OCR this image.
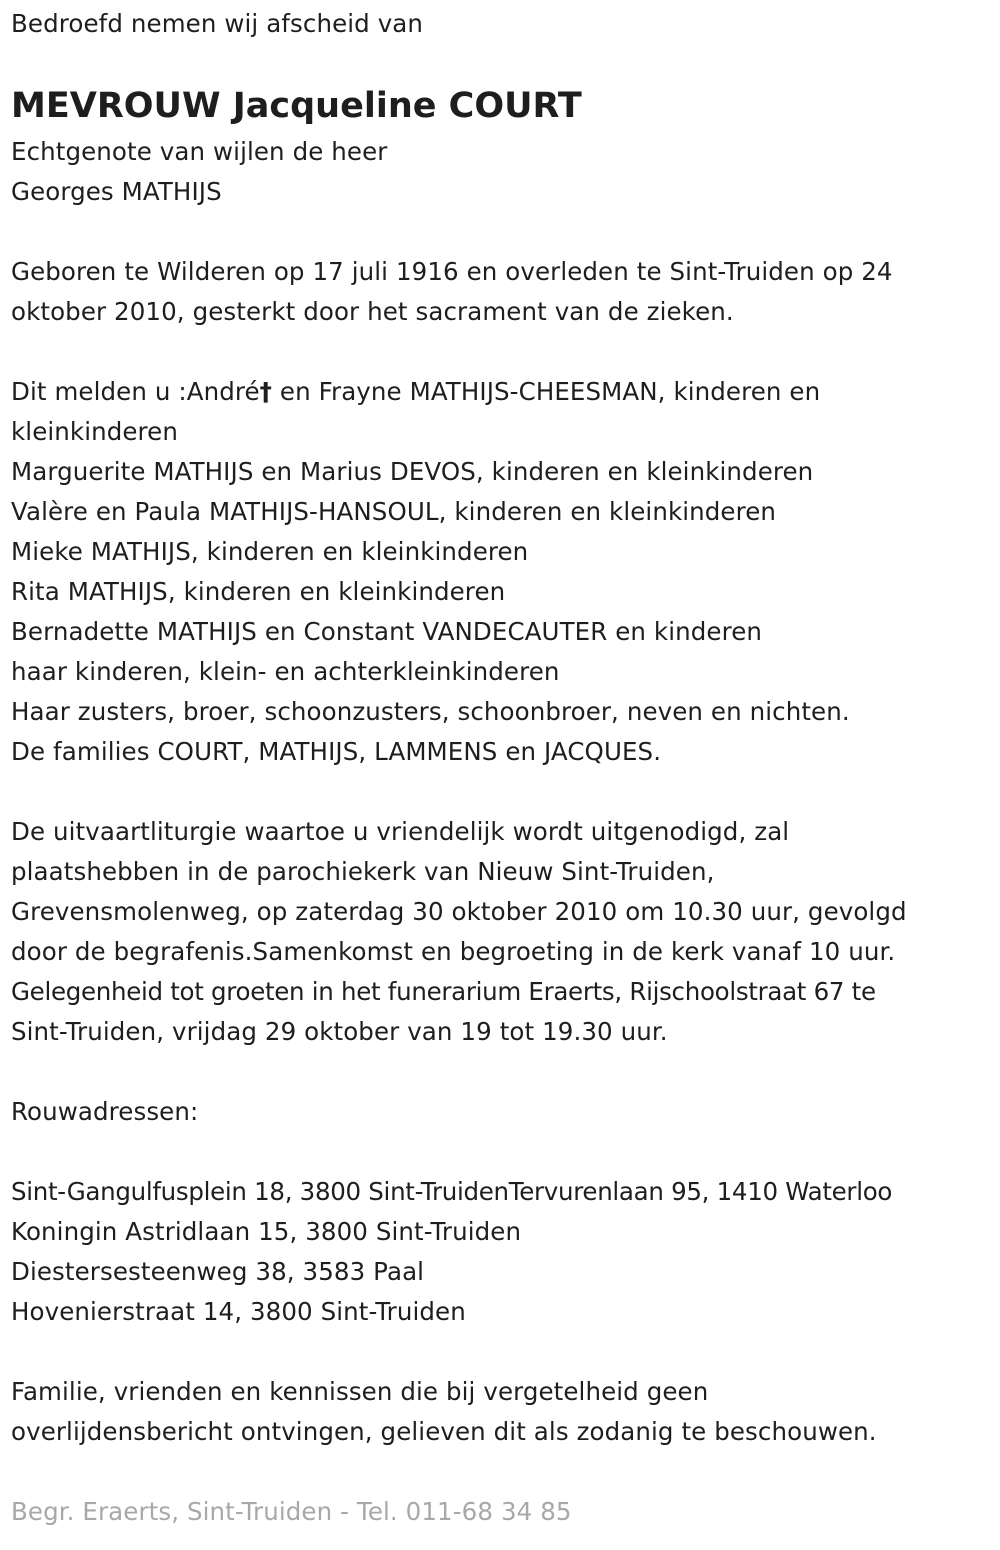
Bedroefd nemen wij afscheid van
MEVROUW Jacqueline COURT
Echtgenote van wijlen de heer
Georges MATHIJS
Geboren te Wilderen op 17 juli 1916 en overleden te Sint-Truiden op 24
oktober 2010, gesterkt door het sacrament van de zieken.
Dit melden u :André† en Frayne MATHIJS-CHEESMAN, kinderen en
kleinkinderen
Marguerite MATHIJS en Marius DEVOS, kinderen en kleinkinderen
Valère en Paula MATHIJS-HANSOUL, kinderen en kleinkinderen
Mieke MATHIJS, kinderen en kleinkinderen
Rita MATHIJS, kinderen en kleinkinderen
Bernadette MATHIJS en Constant VANDECAUTER en kinderen
haar kinderen, klein- en achterkleinkinderen
Haar zusters, broer, schoonzusters, schoonbroer, neven en nichten.
De families COURT, MATHIJS, LAMMENS en JACQUES.
De uitvaartliturgie waartoe u vriendelijk wordt uitgenodigd, zal
plaatshebben in de parochiekerk van Nieuw Sint-Truiden,
Grevensmolenweg, op zaterdag 30 oktober 2010 om 10.30 uur, gevolgd
door de begrafenis.Samenkomst en begroeting in de kerk vanaf 10 uur.
Gelegenheid tot groeten in het funerarium Eraerts, Rijschoolstraat 67 te
Sint-Truiden, vrijdag 29 oktober van 19 tot 19.30 uur.
Rouwadressen:
Sint-Gangulfusplein 18, 3800 Sint-TruidenTervurenlaan 95, 1410 Waterloo
Koningin Astridlaan 15, 3800 Sint-Truiden
Diestersesteenweg 38, 3583 Paal
Hovenierstraat 14, 3800 Sint-Truiden
Familie, vrienden en kennissen die bij vergetelheid geen
overlijdensbericht ontvingen, gelieven dit als zodanig te beschouwen.
Begr. Eraerts, Sint-Truiden - Tel. 011-68 34 85
